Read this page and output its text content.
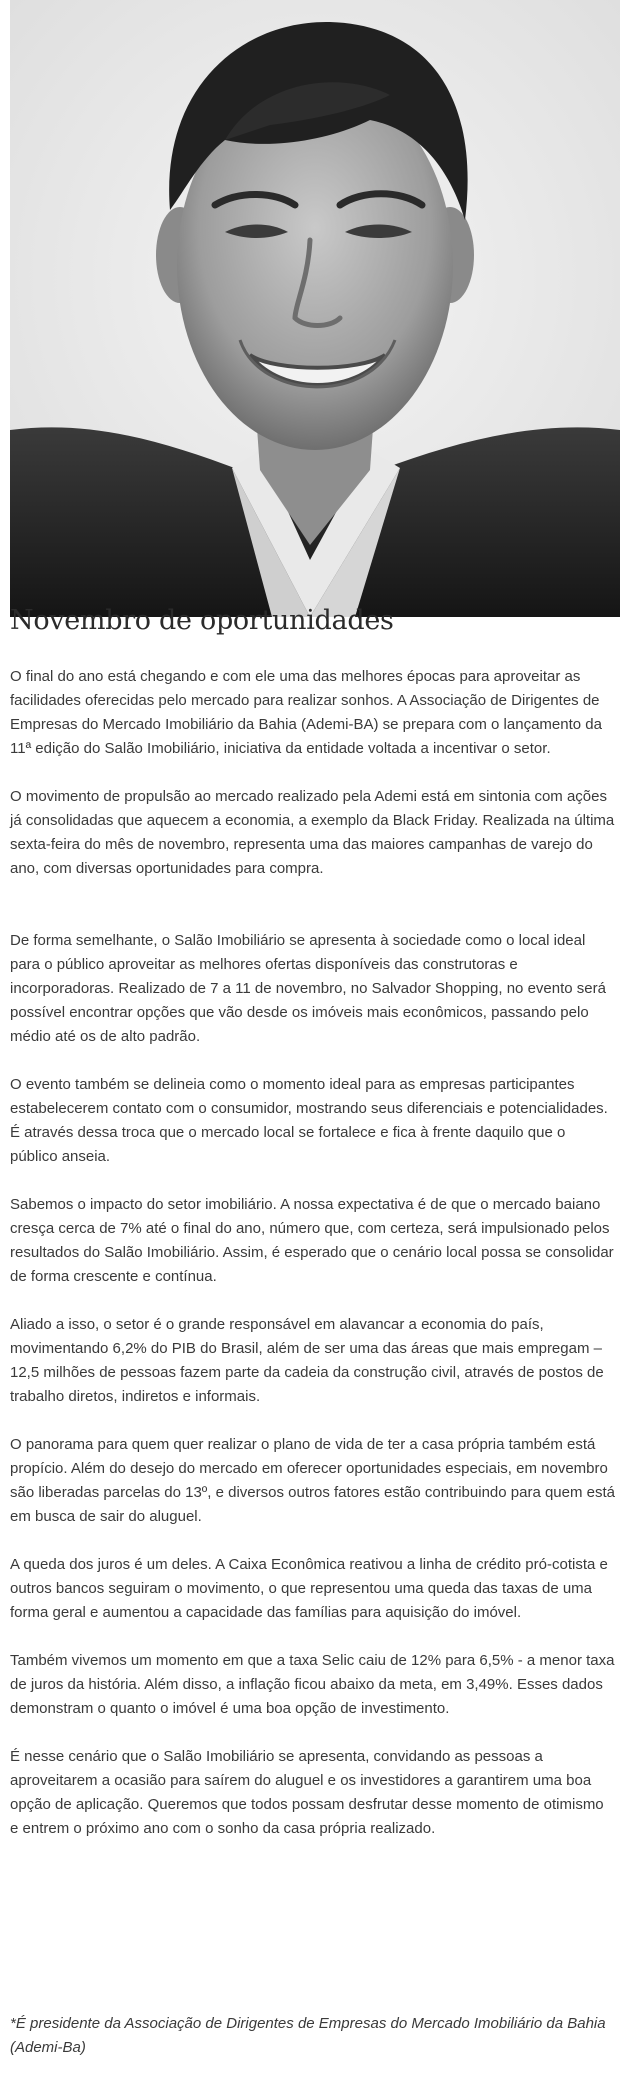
Novembro de oportunidades

O final do ano está chegando e com ele uma das melhores épocas para aproveitar as facilidades oferecidas pelo mercado para realizar sonhos. A Associação de Dirigentes de Empresas do Mercado Imobiliário da Bahia (Ademi-BA) se prepara com o lançamento da 11ª edição do Salão Imobiliário, iniciativa da entidade voltada a incentivar o setor.

O movimento de propulsão ao mercado realizado pela Ademi está em sintonia com ações já consolidadas que aquecem a economia, a exemplo da Black Friday. Realizada na última sexta-feira do mês de novembro, representa uma das maiores campanhas de varejo do ano, com diversas oportunidades para compra.

De forma semelhante, o Salão Imobiliário se apresenta à sociedade como o local ideal para o público aproveitar as melhores ofertas disponíveis das construtoras e incorporadoras. Realizado de 7 a 11 de novembro, no Salvador Shopping, no evento será possível encontrar opções que vão desde os imóveis mais econômicos, passando pelo médio até os de alto padrão.

O evento também se delineia como o momento ideal para as empresas participantes estabelecerem contato com o consumidor, mostrando seus diferenciais e potencialidades. É através dessa troca que o mercado local se fortalece e fica à frente daquilo que o público anseia.

Sabemos o impacto do setor imobiliário. A nossa expectativa é de que o mercado baiano cresça cerca de 7% até o final do ano, número que, com certeza, será impulsionado pelos resultados do Salão Imobiliário. Assim, é esperado que o cenário local possa se consolidar de forma crescente e contínua.

Aliado a isso, o setor é o grande responsável em alavancar a economia do país, movimentando 6,2% do PIB do Brasil, além de ser uma das áreas que mais empregam – 12,5 milhões de pessoas fazem parte da cadeia da construção civil, através de postos de trabalho diretos, indiretos e informais.

O panorama para quem quer realizar o plano de vida de ter a casa própria também está propício. Além do desejo do mercado em oferecer oportunidades especiais, em novembro são liberadas parcelas do 13º, e diversos outros fatores estão contribuindo para quem está em busca de sair do aluguel.

A queda dos juros é um deles. A Caixa Econômica reativou a linha de crédito pró-cotista e outros bancos seguiram o movimento, o que representou uma queda das taxas de uma forma geral e aumentou a capacidade das famílias para aquisição do imóvel.

Também vivemos um momento em que a taxa Selic caiu de 12% para 6,5% - a menor taxa de juros da história. Além disso, a inflação ficou abaixo da meta, em 3,49%. Esses dados demonstram o quanto o imóvel é uma boa opção de investimento.

É nesse cenário que o Salão Imobiliário se apresenta, convidando as pessoas a aproveitarem a ocasião para saírem do aluguel e os investidores a garantirem uma boa opção de aplicação. Queremos que todos possam desfrutar desse momento de otimismo e entrem o próximo ano com o sonho da casa própria realizado.

*É presidente da Associação de Dirigentes de Empresas do Mercado Imobiliário da Bahia (Ademi-Ba)
